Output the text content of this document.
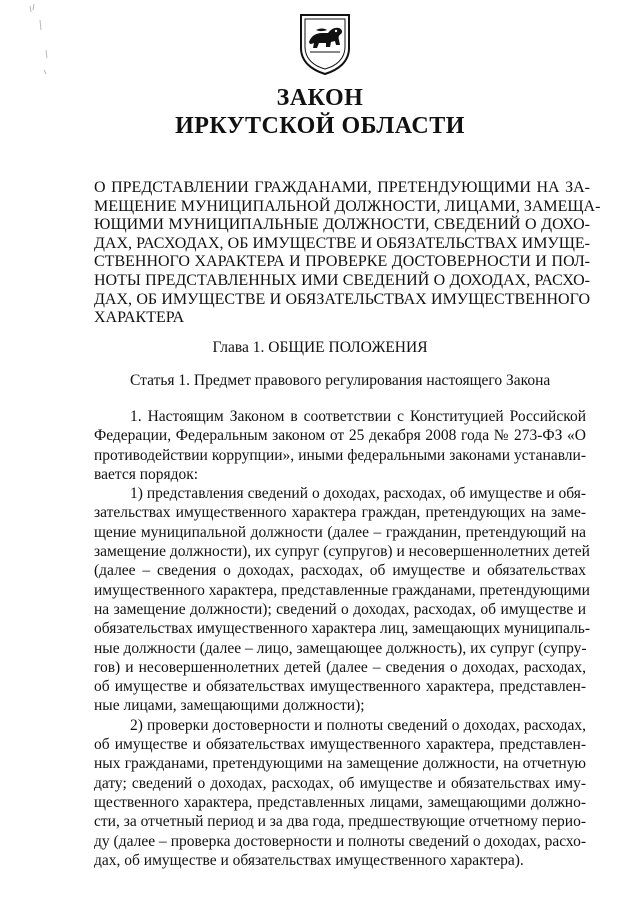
ЗАКОН
ИРКУТСКОЙ ОБЛАСТИ
О ПРЕДСТАВЛЕНИИ ГРАЖДАНАМИ, ПРЕТЕНДУЮЩИМИ НА ЗА-
МЕЩЕНИЕ МУНИЦИПАЛЬНОЙ ДОЛЖНОСТИ, ЛИЦАМИ, ЗАМЕЩА-
ЮЩИМИ МУНИЦИПАЛЬНЫЕ ДОЛЖНОСТИ, СВЕДЕНИЙ О ДОХО-
ДАХ, РАСХОДАХ, ОБ ИМУЩЕСТВЕ И ОБЯЗАТЕЛЬСТВАХ ИМУЩЕ-
СТВЕННОГО ХАРАКТЕРА И ПРОВЕРКЕ ДОСТОВЕРНОСТИ И ПОЛ-
НОТЫ ПРЕДСТАВЛЕННЫХ ИМИ СВЕДЕНИЙ О ДОХОДАХ, РАСХО-
ДАХ, ОБ ИМУЩЕСТВЕ И ОБЯЗАТЕЛЬСТВАХ ИМУЩЕСТВЕННОГО
ХАРАКТЕРА
Глава 1. ОБЩИЕ ПОЛОЖЕНИЯ
Статья 1. Предмет правового регулирования настоящего Закона
1. Настоящим Законом в соответствии с Конституцией Российской
Федерации, Федеральным законом от 25 декабря 2008 года № 273-ФЗ «О
противодействии коррупции», иными федеральными законами устанавли-
вается порядок:
1) представления сведений о доходах, расходах, об имуществе и обя-
зательствах имущественного характера граждан, претендующих на заме-
щение муниципальной должности (далее – гражданин, претендующий на
замещение должности), их супруг (супругов) и несовершеннолетних детей
(далее – сведения о доходах, расходах, об имуществе и обязательствах
имущественного характера, представленные гражданами, претендующими
на замещение должности); сведений о доходах, расходах, об имуществе и
обязательствах имущественного характера лиц, замещающих муниципаль-
ные должности (далее – лицо, замещающее должность), их супруг (супру-
гов) и несовершеннолетних детей (далее – сведения о доходах, расходах,
об имуществе и обязательствах имущественного характера, представлен-
ные лицами, замещающими должности);
2) проверки достоверности и полноты сведений о доходах, расходах,
об имуществе и обязательствах имущественного характера, представлен-
ных гражданами, претендующими на замещение должности, на отчетную
дату; сведений о доходах, расходах, об имуществе и обязательствах иму-
щественного характера, представленных лицами, замещающими должно-
сти, за отчетный период и за два года, предшествующие отчетному перио-
ду (далее – проверка достоверности и полноты сведений о доходах, расхо-
дах, об имуществе и обязательствах имущественного характера).
